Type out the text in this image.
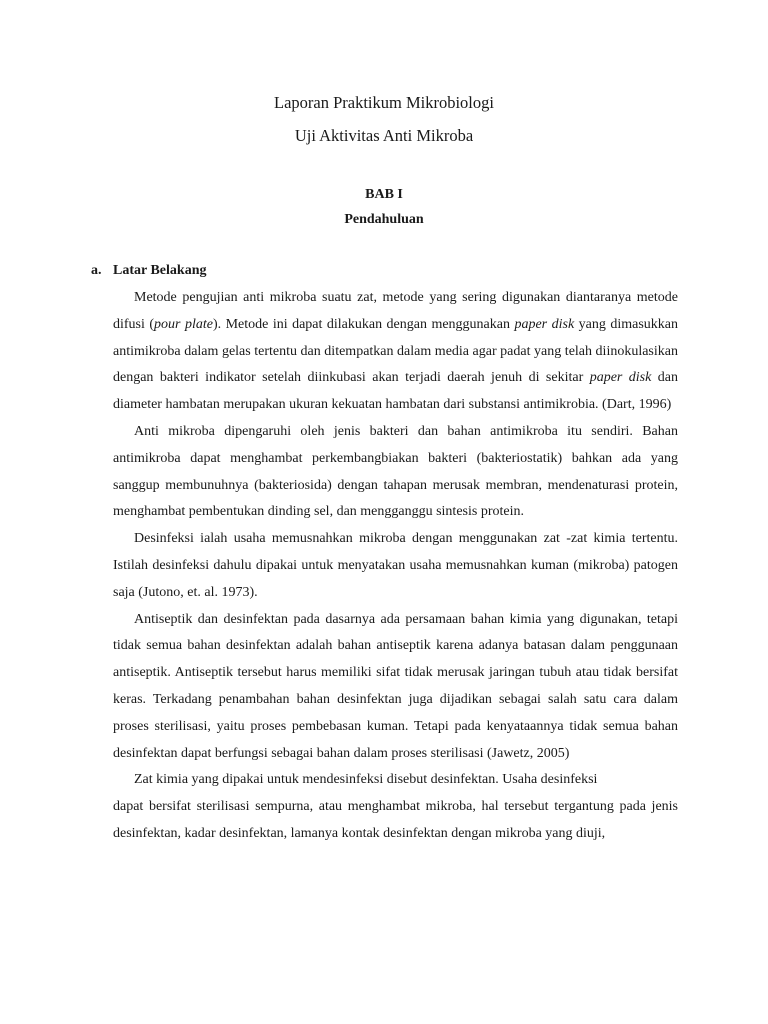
Laporan Praktikum Mikrobiologi
Uji Aktivitas Anti Mikroba
BAB I
Pendahuluan
a. Latar Belakang

Metode pengujian anti mikroba suatu zat, metode yang sering digunakan diantaranya metode difusi (pour plate). Metode ini dapat dilakukan dengan menggunakan paper disk yang dimasukkan antimikroba dalam gelas tertentu dan ditempatkan dalam media agar padat yang telah diinokulasikan dengan bakteri indikator setelah diinkubasi akan terjadi daerah jenuh di sekitar paper disk dan diameter hambatan merupakan ukuran kekuatan hambatan dari substansi antimikrobia. (Dart, 1996)

Anti mikroba dipengaruhi oleh jenis bakteri dan bahan antimikroba itu sendiri. Bahan antimikroba dapat menghambat perkembangbiakan bakteri (bakteriostatik) bahkan ada yang sanggup membunuhnya (bakteriosida) dengan tahapan merusak membran, mendenaturasi protein, menghambat pembentukan dinding sel, dan mengganggu sintesis protein.

Desinfeksi ialah usaha memusnahkan mikroba dengan menggunakan zat -zat kimia tertentu. Istilah desinfeksi dahulu dipakai untuk menyatakan usaha memusnahkan kuman (mikroba) patogen saja (Jutono, et. al. 1973).

Antiseptik dan desinfektan pada dasarnya ada persamaan bahan kimia yang digunakan, tetapi tidak semua bahan desinfektan adalah bahan antiseptik karena adanya batasan dalam penggunaan antiseptik. Antiseptik tersebut harus memiliki sifat tidak merusak jaringan tubuh atau tidak bersifat keras. Terkadang penambahan bahan desinfektan juga dijadikan sebagai salah satu cara dalam proses sterilisasi, yaitu proses pembebasan kuman. Tetapi pada kenyataannya tidak semua bahan desinfektan dapat berfungsi sebagai bahan dalam proses sterilisasi (Jawetz, 2005)

Zat kimia yang dipakai untuk mendesinfeksi disebut desinfektan. Usaha desinfeksi

dapat bersifat sterilisasi sempurna, atau menghambat mikroba, hal tersebut tergantung pada jenis desinfektan, kadar desinfektan, lamanya kontak desinfektan dengan mikroba yang diuji,
